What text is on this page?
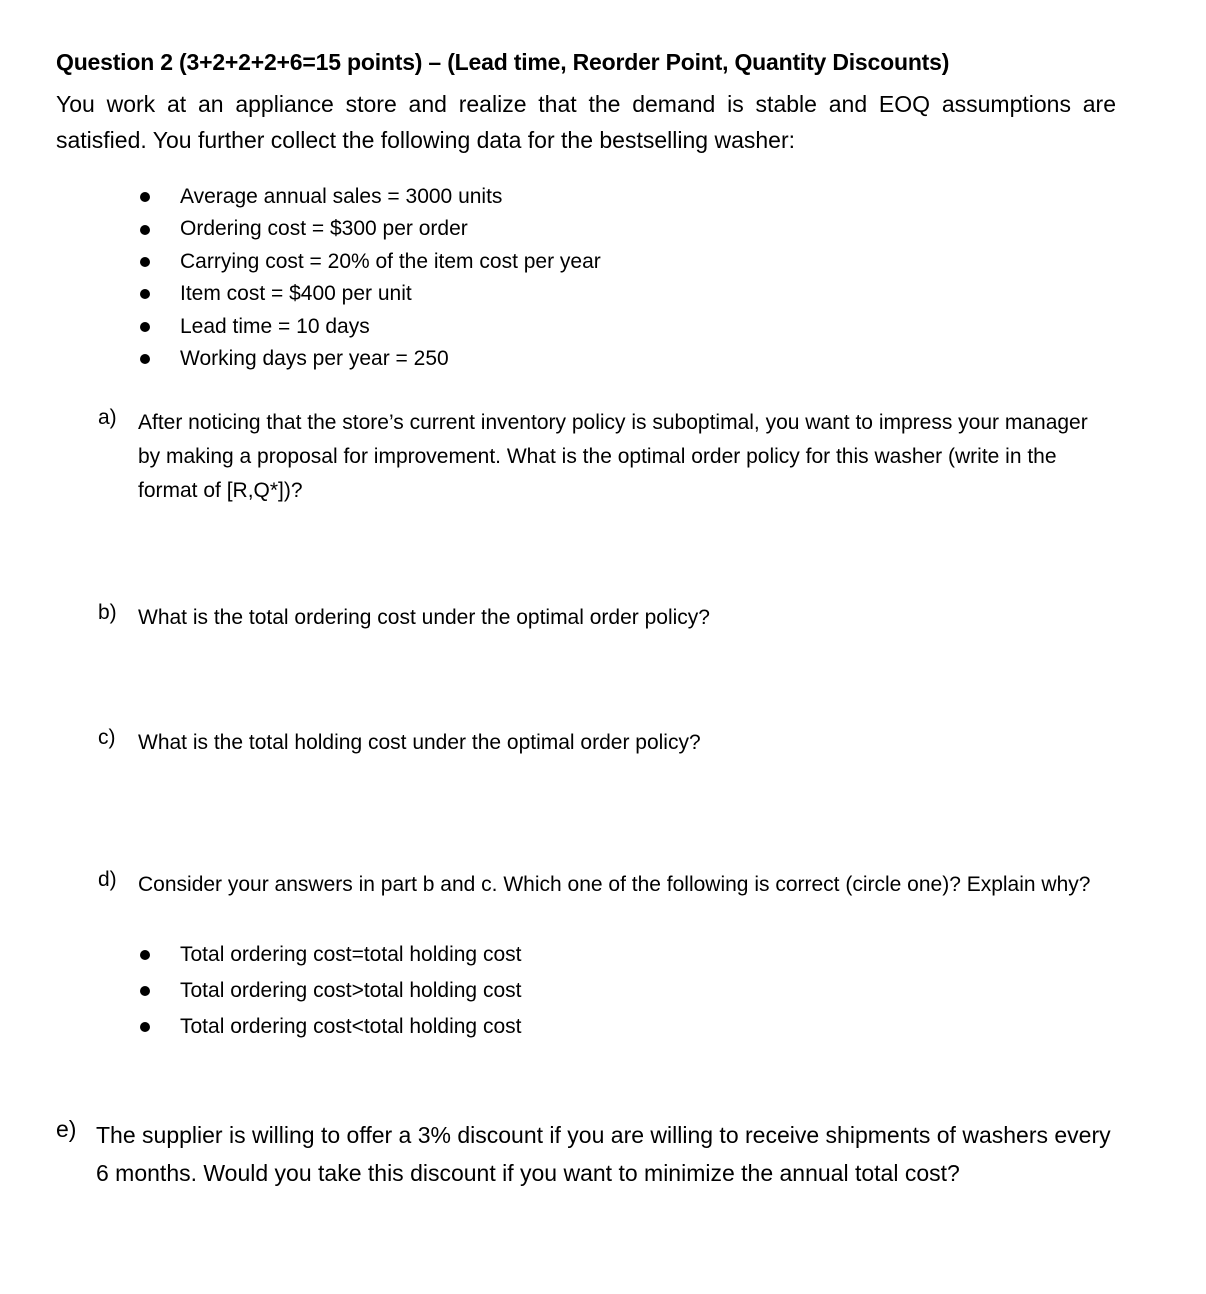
Question 2 (3+2+2+2+6=15 points) – (Lead time, Reorder Point, Quantity Discounts)
You work at an appliance store and realize that the demand is stable and EOQ assumptions are satisfied. You further collect the following data for the bestselling washer:
Average annual sales = 3000 units
Ordering cost = $300 per order
Carrying cost = 20% of the item cost per year
Item cost = $400 per unit
Lead time = 10 days
Working days per year = 250
a) After noticing that the store’s current inventory policy is suboptimal, you want to impress your manager by making a proposal for improvement. What is the optimal order policy for this washer (write in the format of [R,Q*])?
b) What is the total ordering cost under the optimal order policy?
c) What is the total holding cost under the optimal order policy?
d) Consider your answers in part b and c. Which one of the following is correct (circle one)? Explain why?
Total ordering cost=total holding cost
Total ordering cost>total holding cost
Total ordering cost<total holding cost
e) The supplier is willing to offer a 3% discount if you are willing to receive shipments of washers every 6 months. Would you take this discount if you want to minimize the annual total cost?
